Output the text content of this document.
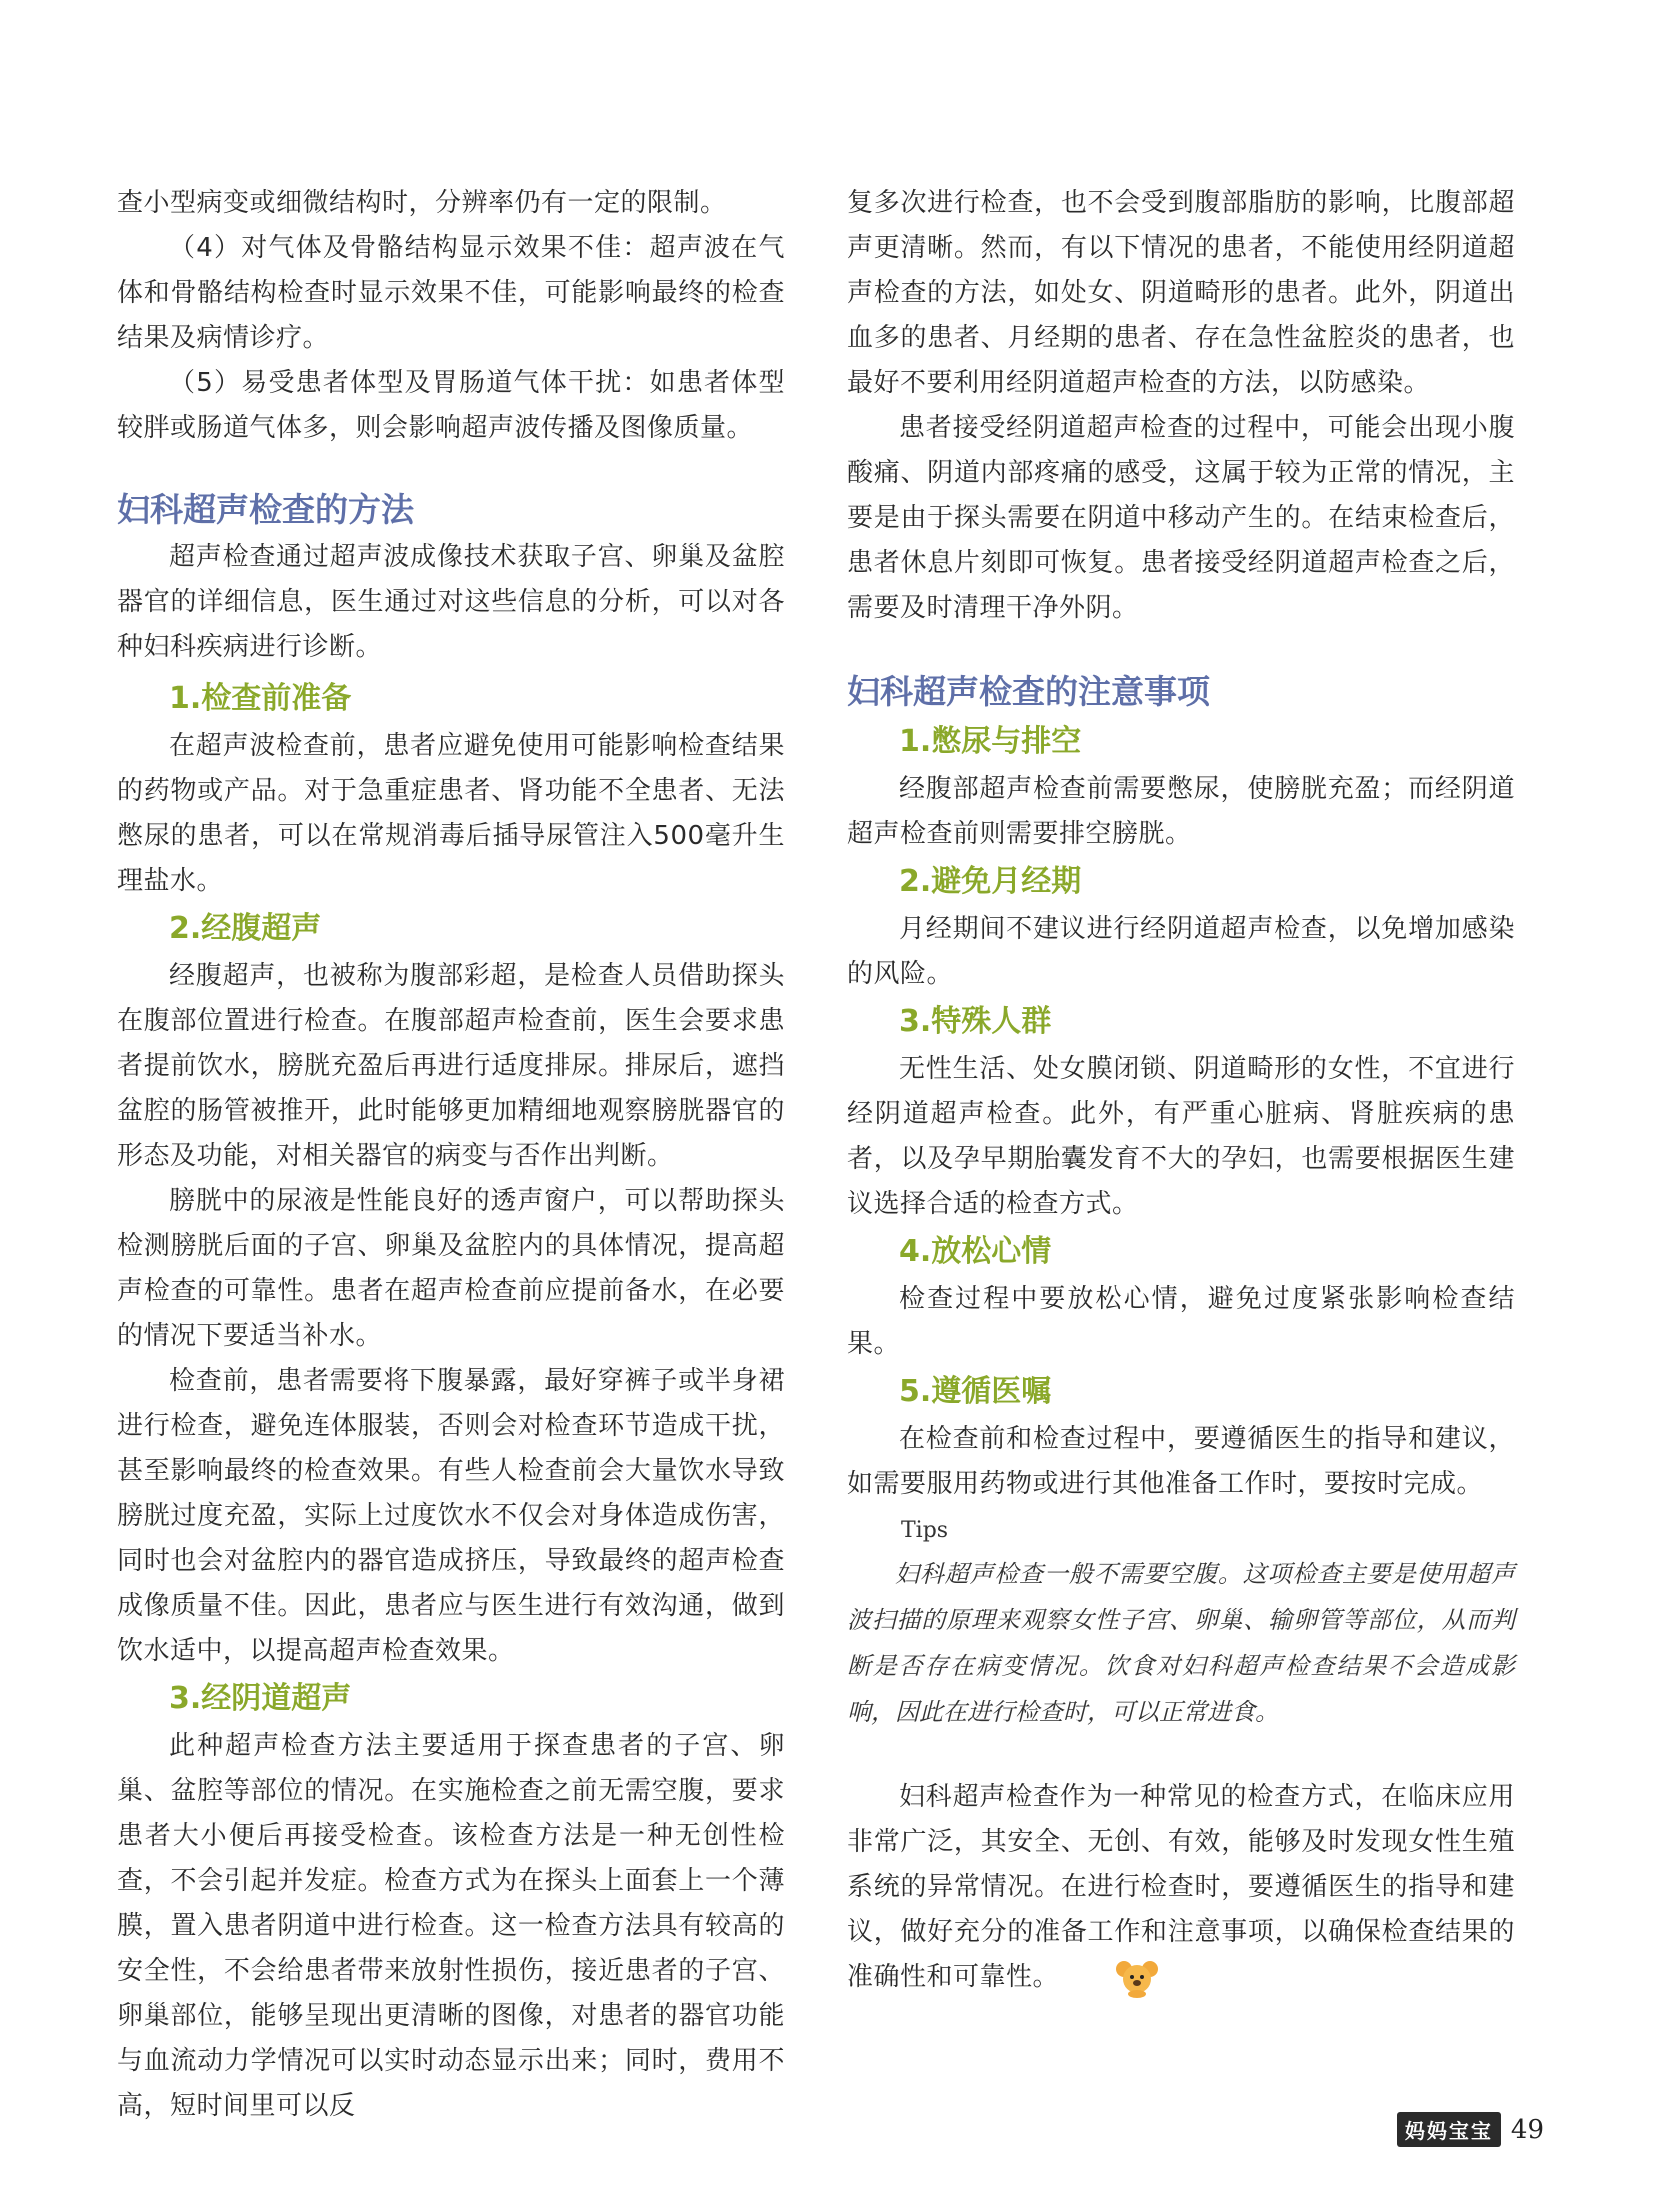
查小型病变或细微结构时，分辨率仍有一定的限制。

（4）对气体及骨骼结构显示效果不佳：超声波在气体和骨骼结构检查时显示效果不佳，可能影响最终的检查结果及病情诊疗。

（5）易受患者体型及胃肠道气体干扰：如患者体型较胖或肠道气体多，则会影响超声波传播及图像质量。

妇科超声检查的方法

超声检查通过超声波成像技术获取子宫、卵巢及盆腔器官的详细信息，医生通过对这些信息的分析，可以对各种妇科疾病进行诊断。

1.检查前准备

在超声波检查前，患者应避免使用可能影响检查结果的药物或产品。对于急重症患者、肾功能不全患者、无法憋尿的患者，可以在常规消毒后插导尿管注入500毫升生理盐水。

2.经腹超声

经腹超声，也被称为腹部彩超，是检查人员借助探头在腹部位置进行检查。在腹部超声检查前，医生会要求患者提前饮水，膀胱充盈后再进行适度排尿。排尿后，遮挡盆腔的肠管被推开，此时能够更加精细地观察膀胱器官的形态及功能，对相关器官的病变与否作出判断。

膀胱中的尿液是性能良好的透声窗户，可以帮助探头检测膀胱后面的子宫、卵巢及盆腔内的具体情况，提高超声检查的可靠性。患者在超声检查前应提前备水，在必要的情况下要适当补水。

检查前，患者需要将下腹暴露，最好穿裤子或半身裙进行检查，避免连体服装，否则会对检查环节造成干扰，甚至影响最终的检查效果。有些人检查前会大量饮水导致膀胱过度充盈，实际上过度饮水不仅会对身体造成伤害，同时也会对盆腔内的器官造成挤压，导致最终的超声检查成像质量不佳。因此，患者应与医生进行有效沟通，做到饮水适中，以提高超声检查效果。

3.经阴道超声

此种超声检查方法主要适用于探查患者的子宫、卵巢、盆腔等部位的情况。在实施检查之前无需空腹，要求患者大小便后再接受检查。该检查方法是一种无创性检查，不会引起并发症。检查方式为在探头上面套上一个薄膜，置入患者阴道中进行检查。这一检查方法具有较高的安全性，不会给患者带来放射性损伤，接近患者的子宫、卵巢部位，能够呈现出更清晰的图像，对患者的器官功能与血流动力学情况可以实时动态显示出来；同时，费用不高，短时间里可以反

复多次进行检查，也不会受到腹部脂肪的影响，比腹部超声更清晰。然而，有以下情况的患者，不能使用经阴道超声检查的方法，如处女、阴道畸形的患者。此外，阴道出血多的患者、月经期的患者、存在急性盆腔炎的患者，也最好不要利用经阴道超声检查的方法，以防感染。

患者接受经阴道超声检查的过程中，可能会出现小腹酸痛、阴道内部疼痛的感受，这属于较为正常的情况，主要是由于探头需要在阴道中移动产生的。在结束检查后，患者休息片刻即可恢复。患者接受经阴道超声检查之后，需要及时清理干净外阴。

妇科超声检查的注意事项
1.憋尿与排空

经腹部超声检查前需要憋尿，使膀胱充盈；而经阴道超声检查前则需要排空膀胱。

2.避免月经期

月经期间不建议进行经阴道超声检查，以免增加感染的风险。

3.特殊人群

无性生活、处女膜闭锁、阴道畸形的女性，不宜进行经阴道超声检查。此外，有严重心脏病、肾脏疾病的患者，以及孕早期胎囊发育不大的孕妇，也需要根据医生建议选择合适的检查方式。

4.放松心情

检查过程中要放松心情，避免过度紧张影响检查结果。

5.遵循医嘱

在检查前和检查过程中，要遵循医生的指导和建议，如需要服用药物或进行其他准备工作时，要按时完成。

Tips

妇科超声检查一般不需要空腹。这项检查主要是使用超声波扫描的原理来观察女性子宫、卵巢、输卵管等部位，从而判断是否存在病变情况。饮食对妇科超声检查结果不会造成影响，因此在进行检查时，可以正常进食。

妇科超声检查作为一种常见的检查方式，在临床应用非常广泛，其安全、无创、有效，能够及时发现女性生殖系统的异常情况。在进行检查时，要遵循医生的指导和建议，做好充分的准备工作和注意事项，以确保检查结果的准确性和可靠性。

妈妈宝宝 49
